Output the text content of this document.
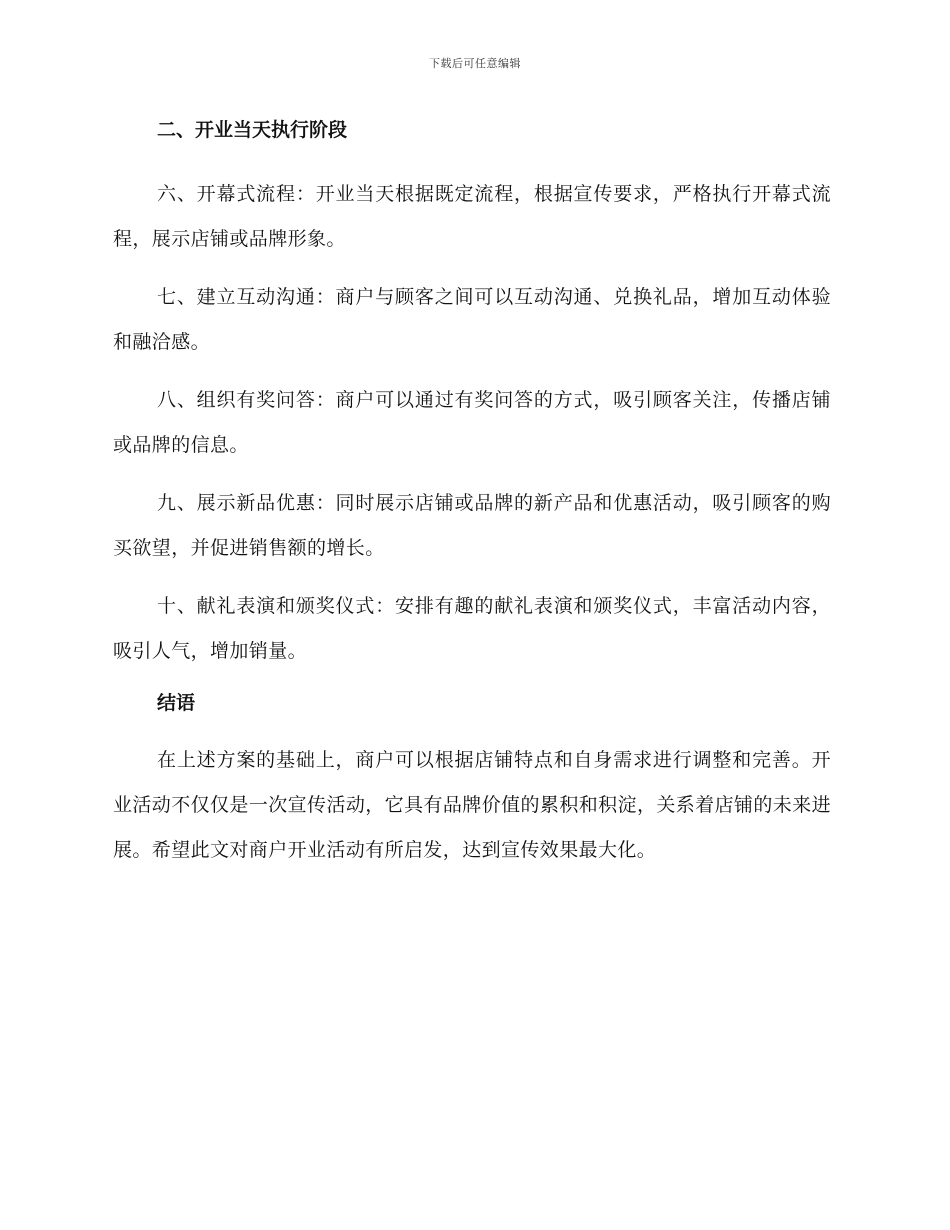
下载后可任意编辑
二、开业当天执行阶段

六、开幕式流程：开业当天根据既定流程，根据宣传要求，严格执行开幕式流程，展示店铺或品牌形象。

七、建立互动沟通：商户与顾客之间可以互动沟通、兑换礼品，增加互动体验和融洽感。

八、组织有奖问答：商户可以通过有奖问答的方式，吸引顾客关注，传播店铺或品牌的信息。

九、展示新品优惠：同时展示店铺或品牌的新产品和优惠活动，吸引顾客的购买欲望，并促进销售额的增长。

十、献礼表演和颁奖仪式：安排有趣的献礼表演和颁奖仪式，丰富活动内容，吸引人气，增加销量。

结语

在上述方案的基础上，商户可以根据店铺特点和自身需求进行调整和完善。开业活动不仅仅是一次宣传活动，它具有品牌价值的累积和积淀，关系着店铺的未来进展。希望此文对商户开业活动有所启发，达到宣传效果最大化。
